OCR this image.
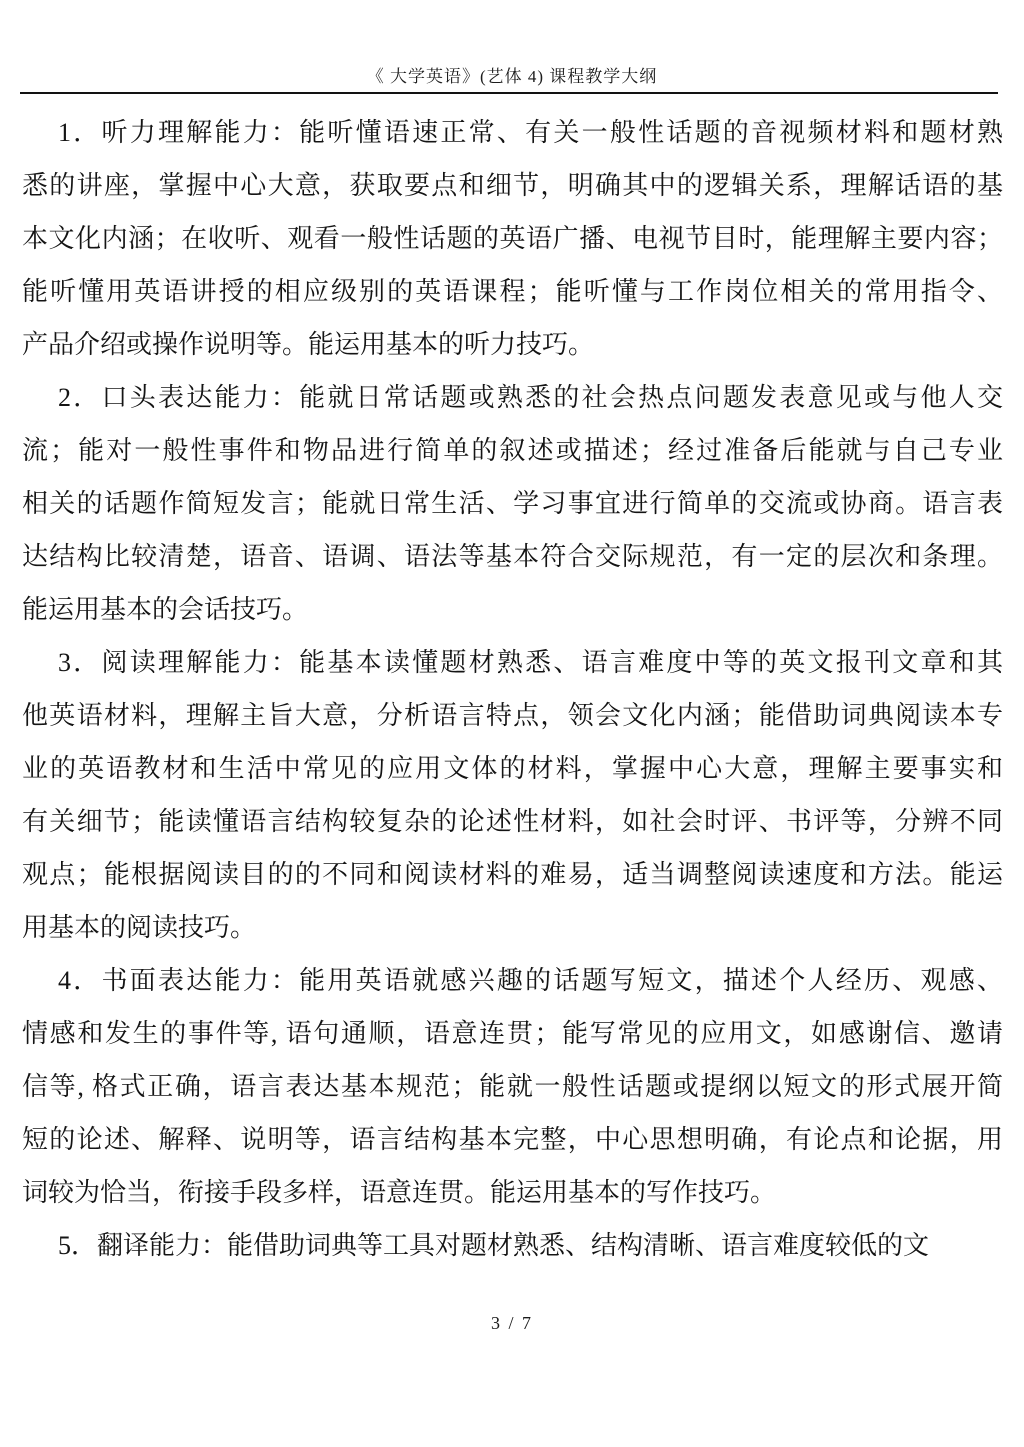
《 大学英语》(艺体 4) 课程教学大纲
1．听力理解能力：能听懂语速正常、有关一般性话题的音视频材料和题材熟
悉的讲座，掌握中心大意，获取要点和细节，明确其中的逻辑关系，理解话语的基
本文化内涵；在收听、观看一般性话题的英语广播、电视节目时，能理解主要内容；
能听懂用英语讲授的相应级别的英语课程；能听懂与工作岗位相关的常用指令、
产品介绍或操作说明等。能运用基本的听力技巧。
2．口头表达能力：能就日常话题或熟悉的社会热点问题发表意见或与他人交
流；能对一般性事件和物品进行简单的叙述或描述；经过准备后能就与自己专业
相关的话题作简短发言；能就日常生活、学习事宜进行简单的交流或协商。语言表
达结构比较清楚，语音、语调、语法等基本符合交际规范，有一定的层次和条理。
能运用基本的会话技巧。
3．阅读理解能力：能基本读懂题材熟悉、语言难度中等的英文报刊文章和其
他英语材料，理解主旨大意，分析语言特点，领会文化内涵；能借助词典阅读本专
业的英语教材和生活中常见的应用文体的材料，掌握中心大意，理解主要事实和
有关细节；能读懂语言结构较复杂的论述性材料，如社会时评、书评等，分辨不同
观点；能根据阅读目的的不同和阅读材料的难易，适当调整阅读速度和方法。能运
用基本的阅读技巧。
4．书面表达能力：能用英语就感兴趣的话题写短文，描述个人经历、观感、
情感和发生的事件等, 语句通顺，语意连贯；能写常见的应用文，如感谢信、邀请
信等, 格式正确，语言表达基本规范；能就一般性话题或提纲以短文的形式展开简
短的论述、解释、说明等，语言结构基本完整，中心思想明确，有论点和论据，用
词较为恰当，衔接手段多样，语意连贯。能运用基本的写作技巧。
5．翻译能力：能借助词典等工具对题材熟悉、结构清晰、语言难度较低的文
3 / 7
